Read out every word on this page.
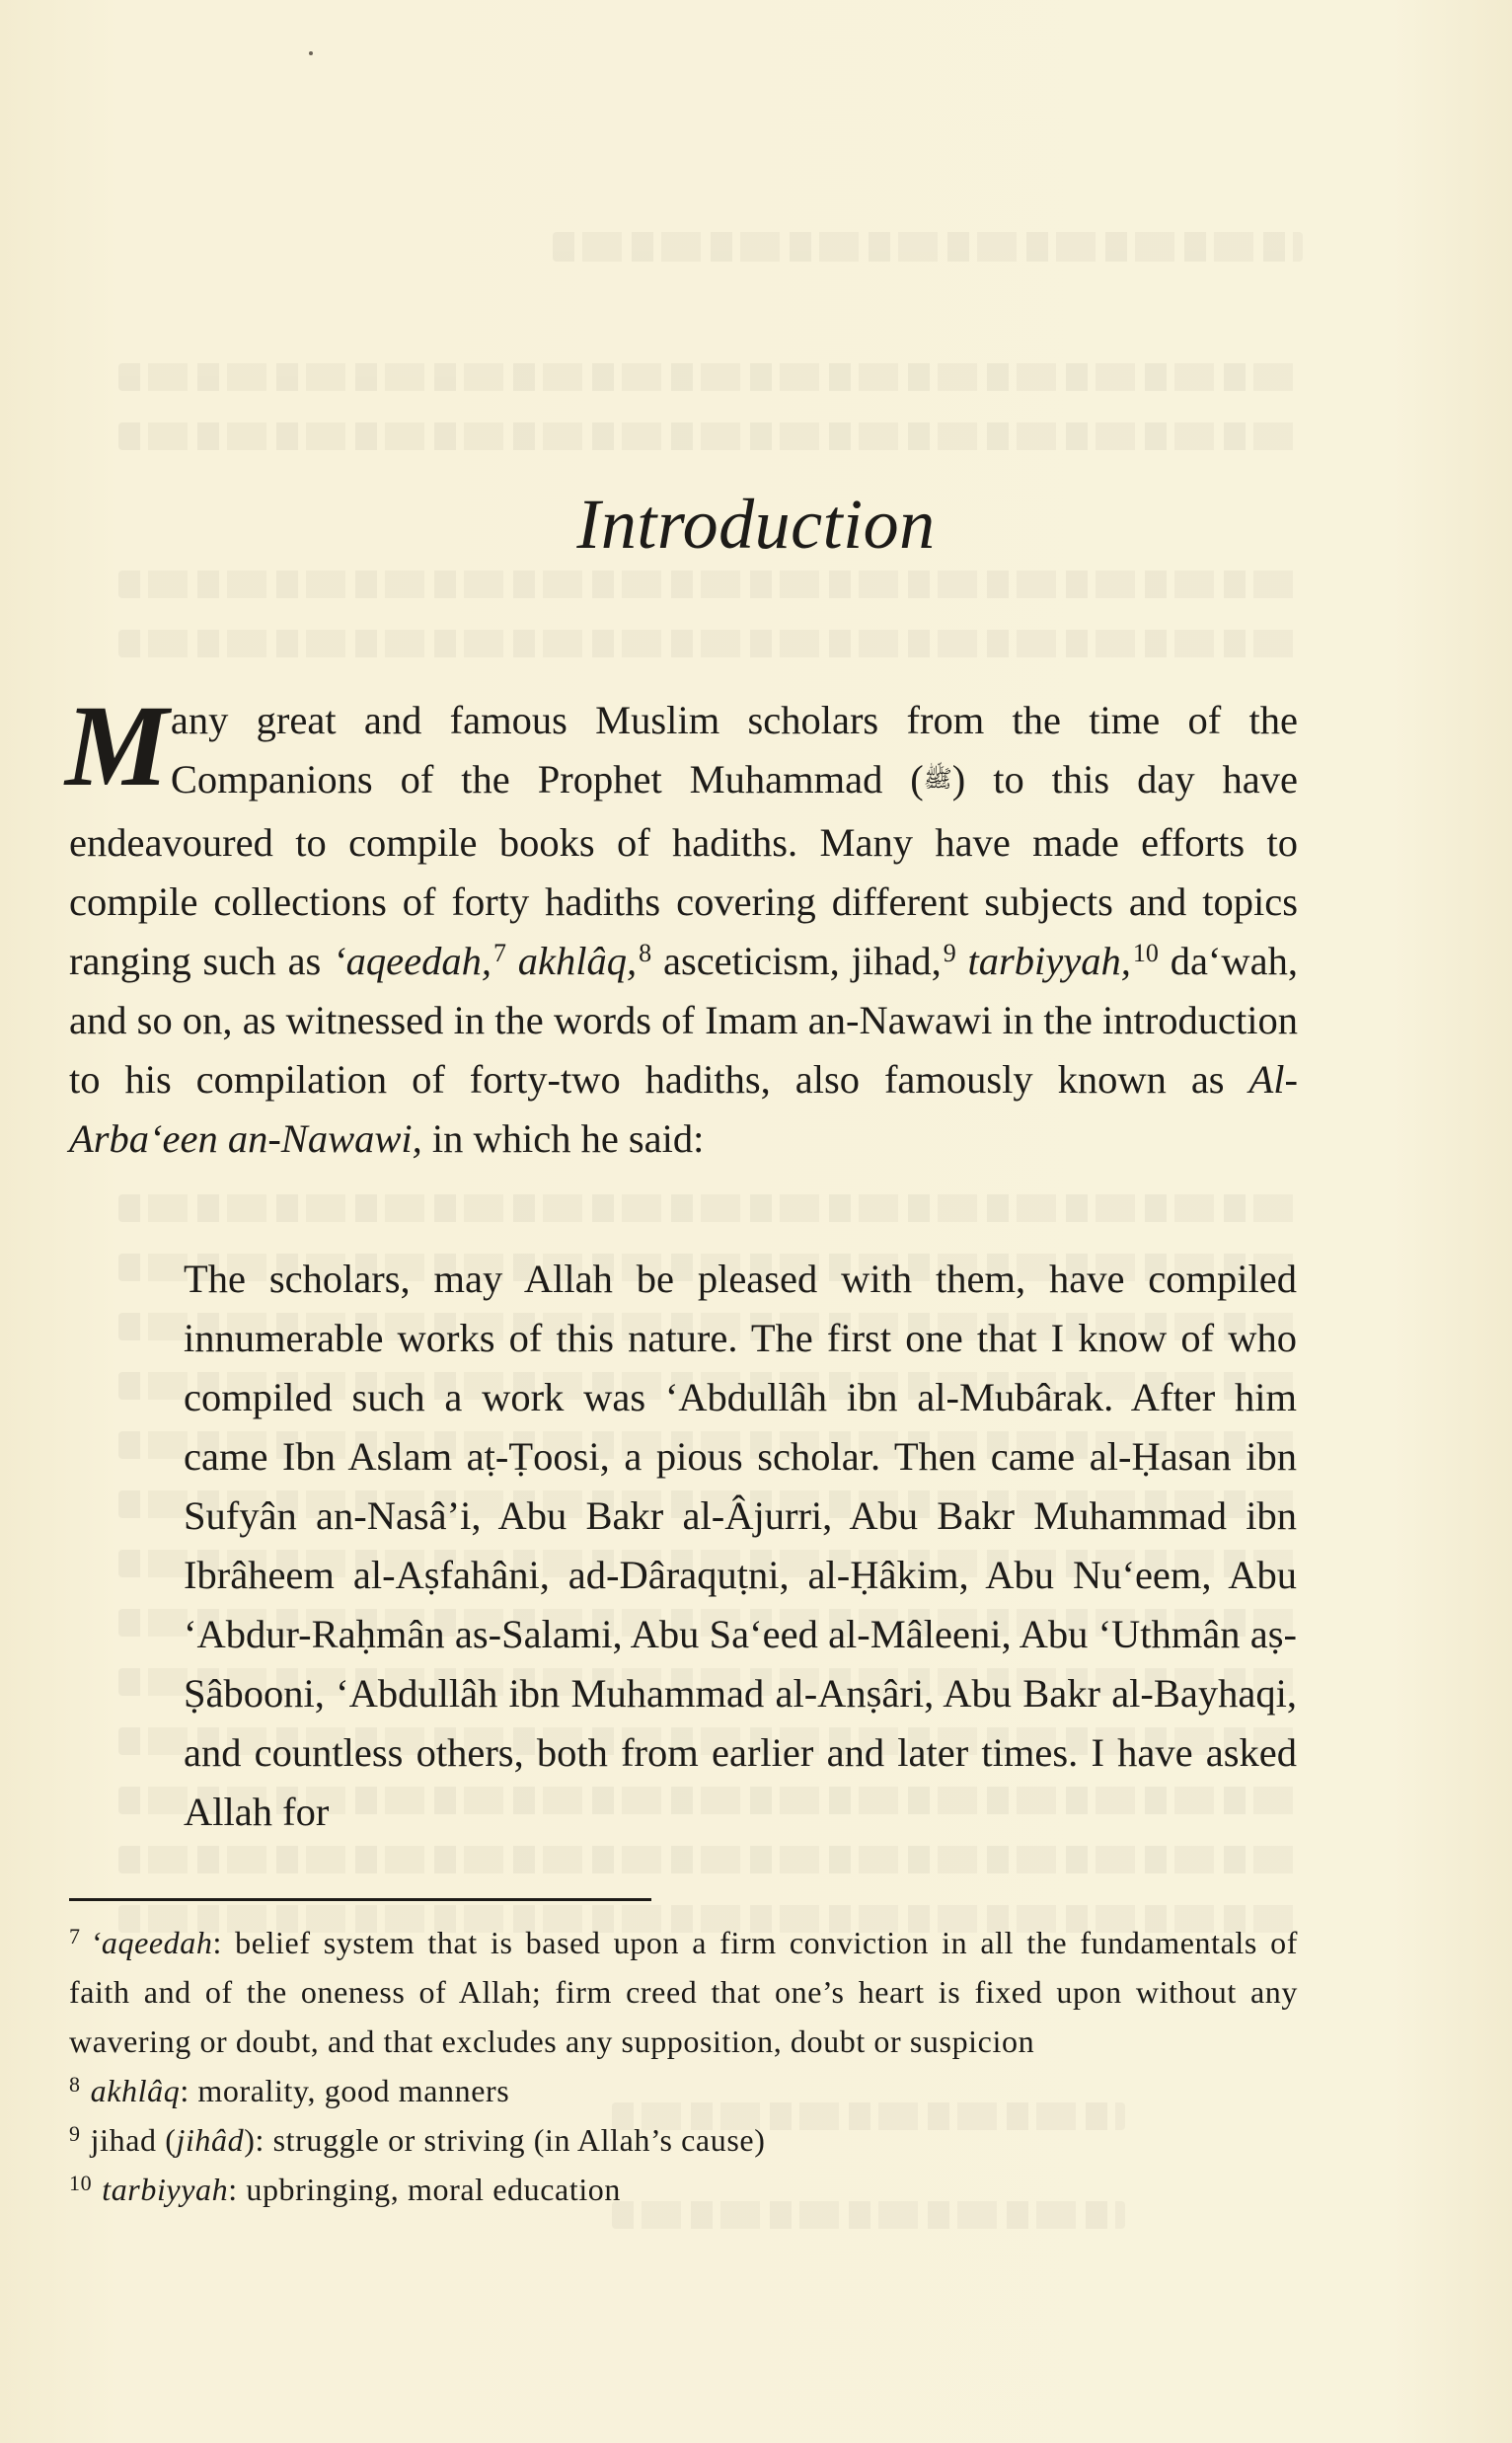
Introduction

M any great and famous Muslim scholars from the time of the Companions of the Prophet Muhammad (ﷺ) to this day have endeavoured to compile books of hadiths. Many have made efforts to compile collections of forty hadiths covering different subjects and topics ranging such as ‘aqeedah,$^7$ akhlâq,$^8$ asceticism, jihad,$^9$ tarbiyyah,$^{10}$ da‘wah, and so on, as witnessed in the words of Imam an-Nawawi in the introduction to his compilation of forty-two hadiths, also famously known as Al-Arba‘een an-Nawawi, in which he said:

The scholars, may Allah be pleased with them, have compiled innumerable works of this nature. The first one that I know of who compiled such a work was ‘Abdullâh ibn al-Mubârak. After him came Ibn Aslam aṭ-Ṭoosi, a pious scholar. Then came al-Ḥasan ibn Sufyân an-Nasâ’i, Abu Bakr al-Âjurri, Abu Bakr Muhammad ibn Ibrâheem al-Aṣfahâni, ad-Dâraquṭni, al-Ḥâkim, Abu Nu‘eem, Abu ‘Abdur-Raḥmân as-Salami, Abu Sa‘eed al-Mâleeni, Abu ‘Uthmân aṣ-Ṣâbooni, ‘Abdullâh ibn Muhammad al-Anṣâri, Abu Bakr al-Bayhaqi, and countless others, both from earlier and later times. I have asked Allah for

$^7$ ‘aqeedah: belief system that is based upon a firm conviction in all the fundamentals of faith and of the oneness of Allah; firm creed that one’s heart is fixed upon without any wavering or doubt, and that excludes any supposition, doubt or suspicion

$^8$ akhlâq: morality, good manners

$^9$ jihad (jihâd): struggle or striving (in Allah’s cause)

$^{10}$ tarbiyyah: upbringing, moral education
